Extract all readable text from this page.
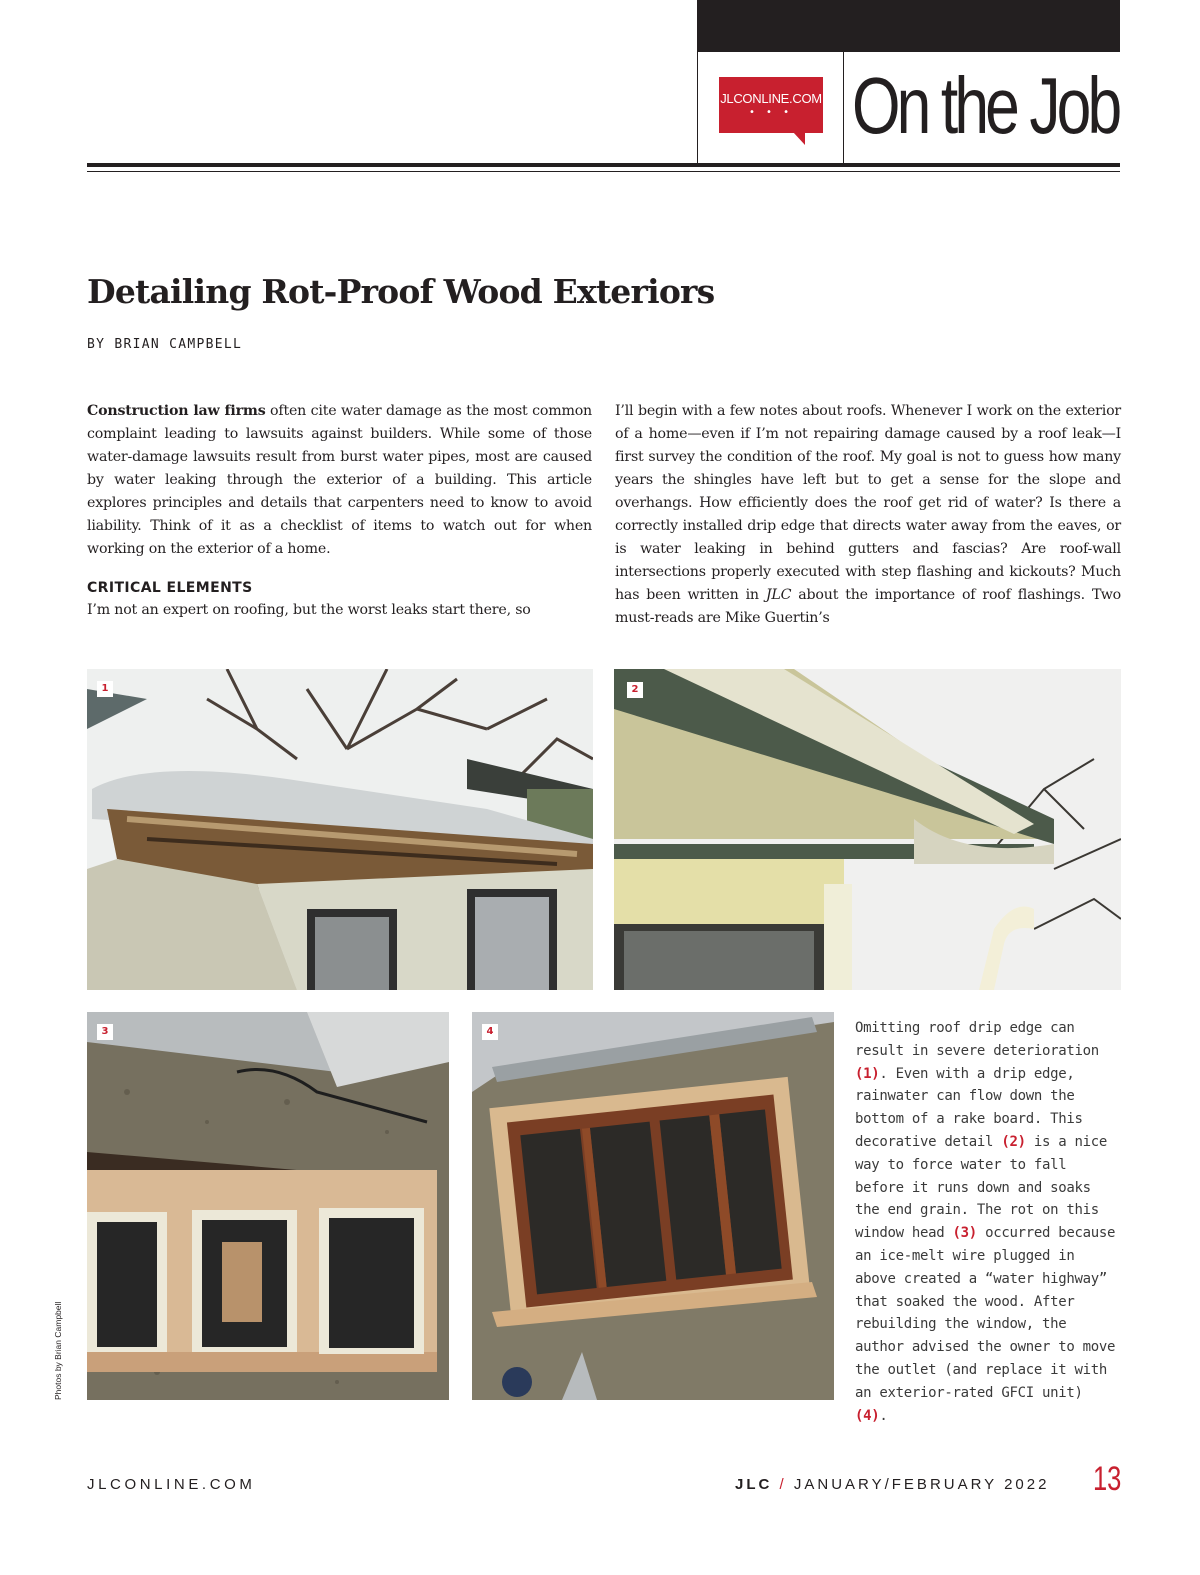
JLCONLINE.COM
• • • On the Job
Detailing Rot-Proof Wood Exteriors
BY BRIAN CAMPBELL

Construction law firms often cite water damage as the most common complaint leading to lawsuits against builders. While some of those water-damage lawsuits result from burst water pipes, most are caused by water leaking through the exterior of a building. This article explores principles and details that carpenters need to know to avoid liability. Think of it as a checklist of items to watch out for when working on the exterior of a home.

CRITICAL ELEMENTS

I’m not an expert on roofing, but the worst leaks start there, so

I’ll begin with a few notes about roofs. Whenever I work on the exterior of a home—even if I’m not repairing damage caused by a roof leak—I first survey the condition of the roof. My goal is not to guess how many years the shingles have left but to get a sense for the slope and overhangs. How efficiently does the roof get rid of water? Is there a correctly installed drip edge that directs water away from the eaves, or is water leaking in behind gutters and fascias? Are roof-wall intersections properly executed with step flashing and kickouts? Much has been written in JLC about the importance of roof flashings. Two must-reads are Mike Guertin’s

1	2
3	4	Omitting roof drip edge can result in severe deterioration (1). Even with a drip edge, rainwater can flow down the bottom of a rake board. This decorative detail (2) is a nice way to force water to fall before it runs down and soaks the end grain. The rot on this window head (3) occurred because an ice-melt wire plugged in above created a “water highway” that soaked the wood. After rebuilding the window, the author advised the owner to move the outlet (and replace it with an exterior-rated GFCI unit) (4).
Photos by Brian Campbell
JLCONLINE.COM	JLC / JANUARY/FEBRUARY 2022 13
